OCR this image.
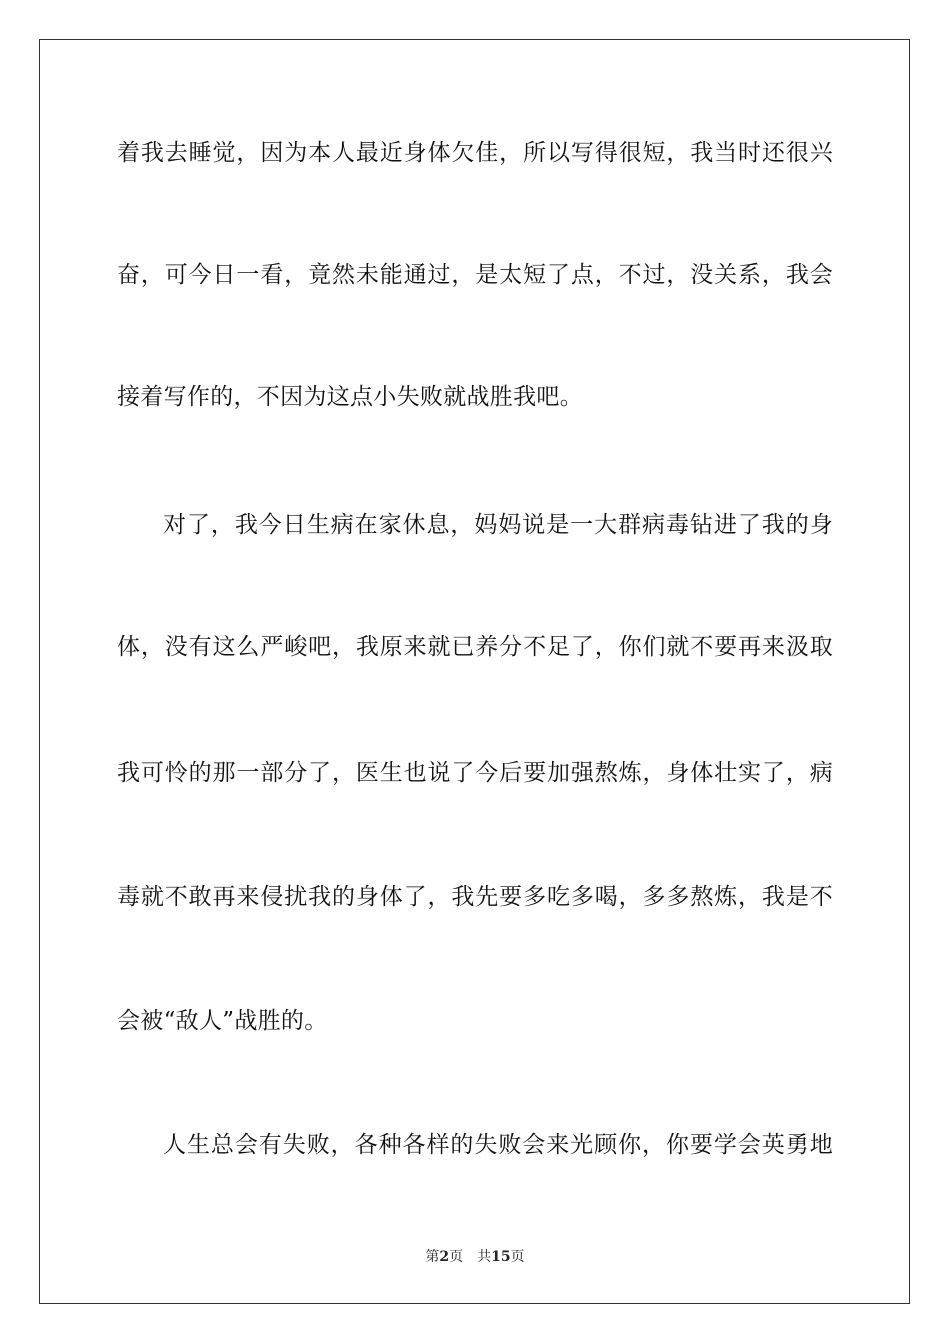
着我去睡觉，因为本人最近身体欠佳，所以写得很短，我当时还很兴
奋，可今日一看，竟然未能通过，是太短了点，不过，没关系，我会
接着写作的，不因为这点小失败就战胜我吧。
对了，我今日生病在家休息，妈妈说是一大群病毒钻进了我的身
体，没有这么严峻吧，我原来就已养分不足了，你们就不要再来汲取
我可怜的那一部分了，医生也说了今后要加强熬炼，身体壮实了，病
毒就不敢再来侵扰我的身体了，我先要多吃多喝，多多熬炼，我是不
会被“敌人”战胜的。
人生总会有失败，各种各样的失败会来光顾你，你要学会英勇地
第2页 共15页
